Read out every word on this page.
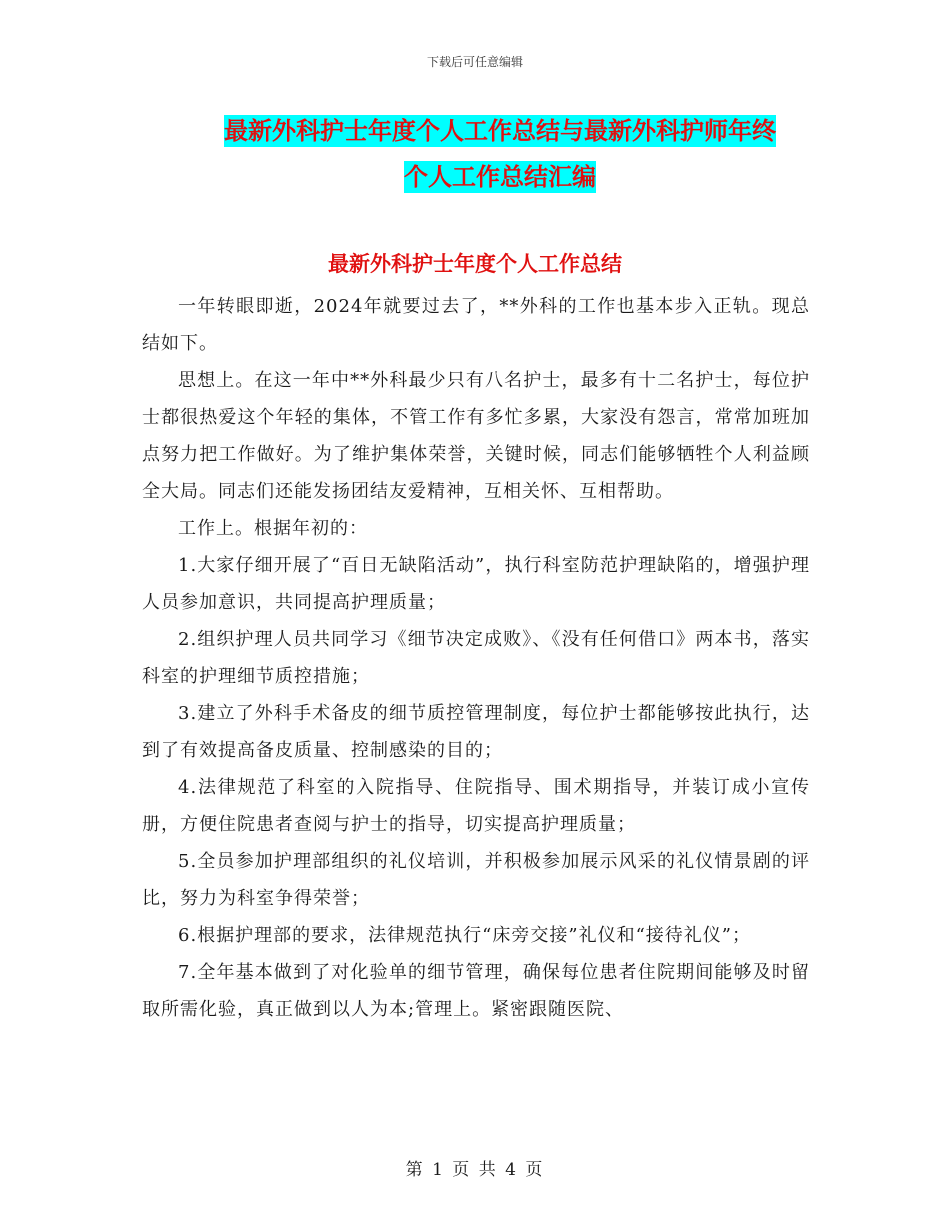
下载后可任意编辑
最新外科护士年度个人工作总结与最新外科护师年终
个人工作总结汇编
最新外科护士年度个人工作总结

一年转眼即逝，2024年就要过去了，**外科的工作也基本步入正轨。现总结如下。

思想上。在这一年中**外科最少只有八名护士，最多有十二名护士，每位护士都很热爱这个年轻的集体，不管工作有多忙多累，大家没有怨言，常常加班加点努力把工作做好。为了维护集体荣誉，关键时候，同志们能够牺牲个人利益顾全大局。同志们还能发扬团结友爱精神，互相关怀、互相帮助。

工作上。根据年初的：

1.大家仔细开展了“百日无缺陷活动”，执行科室防范护理缺陷的，增强护理人员参加意识，共同提高护理质量；

2.组织护理人员共同学习《细节决定成败》、《没有任何借口》两本书，落实科室的护理细节质控措施；

3.建立了外科手术备皮的细节质控管理制度，每位护士都能够按此执行，达到了有效提高备皮质量、控制感染的目的；

4.法律规范了科室的入院指导、住院指导、围术期指导，并装订成小宣传册，方便住院患者查阅与护士的指导，切实提高护理质量；

5.全员参加护理部组织的礼仪培训，并积极参加展示风采的礼仪情景剧的评比，努力为科室争得荣誉；

6.根据护理部的要求，法律规范执行“床旁交接”礼仪和“接待礼仪”；

7.全年基本做到了对化验单的细节管理，确保每位患者住院期间能够及时留取所需化验，真正做到以人为本;管理上。紧密跟随医院、

第 1 页 共 4 页
